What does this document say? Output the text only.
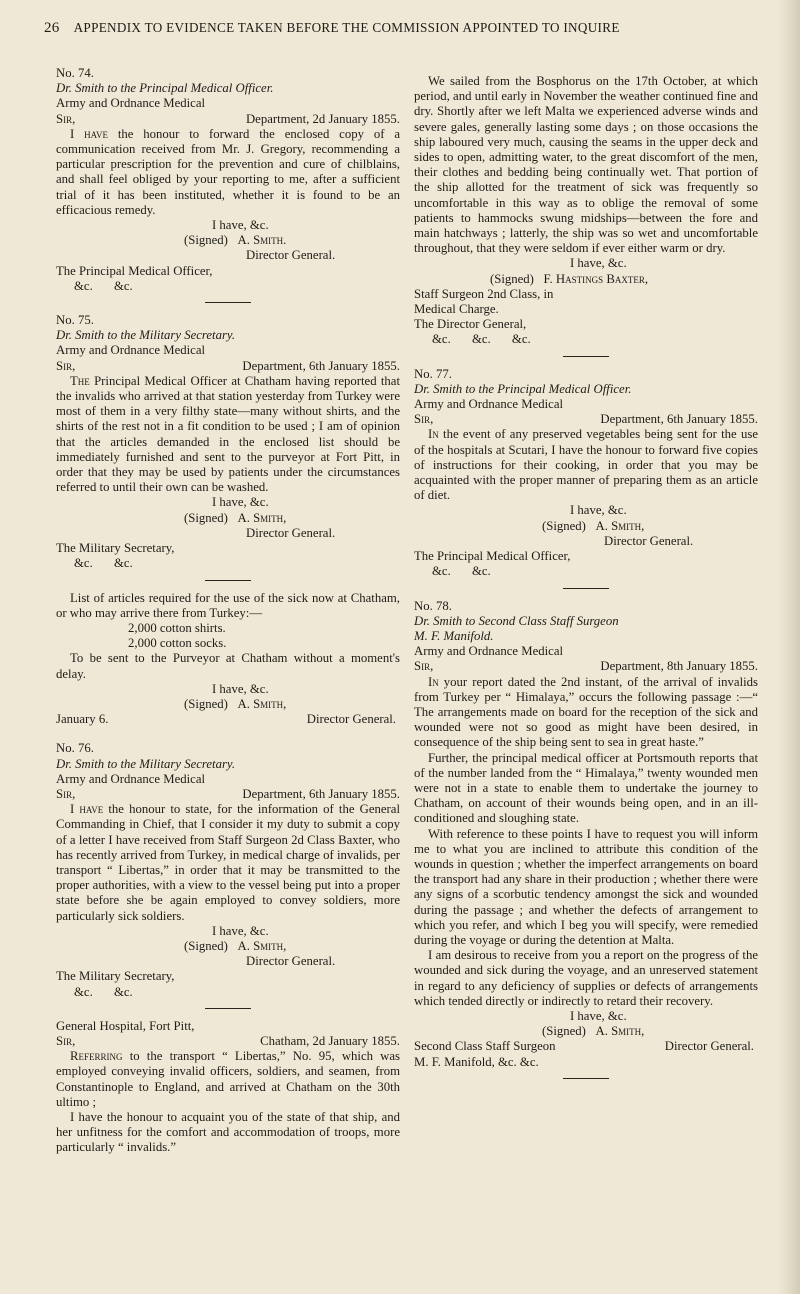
26 APPENDIX TO EVIDENCE TAKEN BEFORE THE COMMISSION APPOINTED TO INQUIRE

No. 74.

Dr. Smith to the Principal Medical Officer.

Army and Ordnance Medical

Sir,	Department, 2d January 1855.

I have the honour to forward the enclosed copy of a communication received from Mr. J. Gregory, recommending a particular prescription for the prevention and cure of chilblains, and shall feel obliged by your reporting to me, after a sufficient trial of it has been instituted, whether it is found to be an efficacious remedy.

I have, &c.

(Signed) A. Smith.

Director General.

The Principal Medical Officer,

&c. &c.

No. 75.

Dr. Smith to the Military Secretary.

Army and Ordnance Medical

Sir,	Department, 6th January 1855.

The Principal Medical Officer at Chatham having reported that the invalids who arrived at that station yesterday from Turkey were most of them in a very filthy state—many without shirts, and the shirts of the rest not in a fit condition to be used ; I am of opinion that the articles demanded in the enclosed list should be immediately furnished and sent to the purveyor at Fort Pitt, in order that they may be used by patients under the circumstances referred to until their own can be washed.

I have, &c.

(Signed) A. Smith,

Director General.

The Military Secretary,

&c. &c.

List of articles required for the use of the sick now at Chatham, or who may arrive there from Turkey:—

2,000 cotton shirts.

2,000 cotton socks.

To be sent to the Purveyor at Chatham without a moment's delay.

I have, &c.

(Signed) A. Smith,

January 6.	Director General.

No. 76.

Dr. Smith to the Military Secretary.

Army and Ordnance Medical

Sir,	Department, 6th January 1855.

I have the honour to state, for the information of the General Commanding in Chief, that I consider it my duty to submit a copy of a letter I have received from Staff Surgeon 2d Class Baxter, who has recently arrived from Turkey, in medical charge of invalids, per transport “ Libertas,” in order that it may be transmitted to the proper authorities, with a view to the vessel being put into a proper state before she be again employed to convey soldiers, more particularly sick soldiers.

I have, &c.

(Signed) A. Smith,

Director General.

The Military Secretary,

&c. &c.

General Hospital, Fort Pitt,

Sir,	Chatham, 2d January 1855.

Referring to the transport “ Libertas,” No. 95, which was employed conveying invalid officers, soldiers, and seamen, from Constantinople to England, and arrived at Chatham on the 30th ultimo ;

I have the honour to acquaint you of the state of that ship, and her unfitness for the comfort and accommodation of troops, more particularly “ invalids.”

We sailed from the Bosphorus on the 17th October, at which period, and until early in November the weather continued fine and dry. Shortly after we left Malta we experienced adverse winds and severe gales, generally lasting some days ; on those occasions the ship laboured very much, causing the seams in the upper deck and sides to open, admitting water, to the great discomfort of the men, their clothes and bedding being continually wet. That portion of the ship allotted for the treatment of sick was frequently so uncomfortable in this way as to oblige the removal of some patients to hammocks swung midships—between the fore and main hatchways ; latterly, the ship was so wet and uncomfortable throughout, that they were seldom if ever either warm or dry.

I have, &c.

(Signed) F. Hastings Baxter,

Staff Surgeon 2nd Class, in

Medical Charge.

The Director General,

&c. &c. &c.

No. 77.

Dr. Smith to the Principal Medical Officer.

Army and Ordnance Medical

Sir,	Department, 6th January 1855.

In the event of any preserved vegetables being sent for the use of the hospitals at Scutari, I have the honour to forward five copies of instructions for their cooking, in order that you may be acquainted with the proper manner of preparing them as an article of diet.

I have, &c.

(Signed) A. Smith,

Director General.

The Principal Medical Officer,

&c. &c.

No. 78.

Dr. Smith to Second Class Staff Surgeon

M. F. Manifold.

Army and Ordnance Medical

Sir,	Department, 8th January 1855.

In your report dated the 2nd instant, of the arrival of invalids from Turkey per “ Himalaya,” occurs the following passage :—“ The arrangements made on board for the reception of the sick and wounded were not so good as might have been desired, in consequence of the ship being sent to sea in great haste.”

Further, the principal medical officer at Portsmouth reports that of the number landed from the “ Himalaya,” twenty wounded men were not in a state to enable them to undertake the journey to Chatham, on account of their wounds being open, and in an ill-conditioned and sloughing state.

With reference to these points I have to request you will inform me to what you are inclined to attribute this condition of the wounds in question ; whether the imperfect arrangements on board the transport had any share in their production ; whether there were any signs of a scorbutic tendency amongst the sick and wounded during the passage ; and whether the defects of arrangement to which you refer, and which I beg you will specify, were remedied during the voyage or during the detention at Malta.

I am desirous to receive from you a report on the progress of the wounded and sick during the voyage, and an unreserved statement in regard to any deficiency of supplies or defects of arrangements which tended directly or indirectly to retard their recovery.

I have, &c.

(Signed) A. Smith,

Second Class Staff Surgeon	Director General.

M. F. Manifold, &c. &c.
